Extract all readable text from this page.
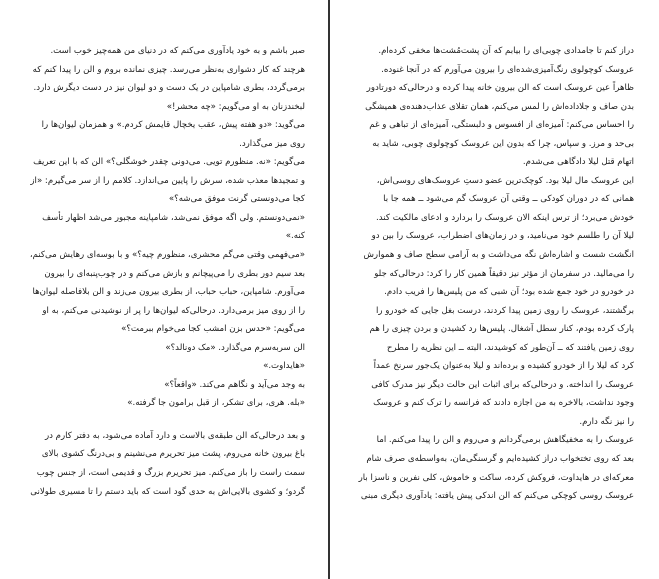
صبر باشم و به خود یادآوری می‌کنم که در دنیای من همه‌چیز خوب است.
هرچند که کار دشواری به‌نظر می‌رسد. چیزی نمانده بروم و الن را پیدا کنم که
برمی‌گردد، بطری شامپاین در یک دست و دو لیوان نیز در دست دیگرش دارد.

لبخندزنان به او می‌گویم: «چه محشر!»

می‌گوید: «دو هفته پیش، عقب یخچال قایمش کردم.» و همزمان لیوان‌ها را
روی میز می‌گذارد.

می‌گویم: «نه. منظورم تویی. می‌دونی چقدر خوشگلی؟» الن که با این تعریف
و تمجیدها معذب شده، سرش را پایین می‌اندازد. کلامم را از سر می‌گیرم: «از
کجا می‌دونستی گرنت موفق می‌شه؟»

«نمی‌دونستم. ولی اگه موفق نمی‌شد، شامپاینه مجبور می‌شد اظهار تأسف
کنه.»

«می‌فهمی وقتی می‌گم محشری، منظورم چیه؟» و با بوسه‌ای رهایش می‌کنم،
بعد سیم دور بطری را می‌پیچانم و بازش می‌کنم و در چوب‌پنبه‌ای را بیرون
می‌آورم. شامپاین، حباب حباب، از بطری بیرون می‌زند و الن بلافاصله لیوان‌ها
را از روی میز برمی‌دارد. درحالی‌که لیوان‌ها را پر از نوشیدنی می‌کنم، به او
می‌گویم: «حدس بزن امشب کجا می‌خوام ببرمت؟»

الن سربه‌سرم می‌گذارد. «مک دونالد؟»

«هایداوت.»

به وجد می‌آید و نگاهم می‌کند. «واقعاً؟»

«بله. هری، برای تشکر، از قبل برامون جا گرفته.»

و بعد درحالی‌که الن طبقه‌ی بالاست و دارد آماده می‌شود، به دفتر کارم در
باغ بیرون خانه می‌روم، پشت میز تحریرم می‌نشینم و بی‌درنگ کشوی بالای
سمت راست را باز می‌کنم. میز تحریرم بزرگ و قدیمی است، از جنس چوب
گردو؛ و کشوی بالایی‌اش به حدی گود است که باید دستم را تا مسیری طولانی

دراز کنم تا جامدادی چوبی‌ای را بیابم که آن پشت‌مُشت‌ها مخفی کرده‌ام.
عروسک کوچولوی رنگ‌آمیزی‌شده‌ای را بیرون می‌آورم که در آنجا غنوده.
ظاهراً عین عروسک است که الن بیرون خانه پیدا کرده و درحالی‌که دورتادور
بدن صاف و جلاداده‌اش را لمس می‌کنم، همان تقلای عذاب‌دهنده‌ی همیشگی
را احساس می‌کنم: آمیزه‌ای از افسوس و دلبستگی، آمیزه‌ای از تباهی و غم
بی‌حد و مرز. و سپاس، چرا که بدون این عروسک کوچولوی چوبی، شاید به
اتهام قتل لیلا دادگاهی می‌شدم.

این عروسک مال لیلا بود. کوچک‌ترین عضو دستِ عروسک‌های روسی‌اش،
همانی که در دوران کودکی ــ وقتی آن عروسک گم می‌شود ــ همه جا با
خودش می‌برد؛ از ترس اینکه الان عروسک را بردارد و ادعای مالکیت کند.
لیلا آن را طلسم خود می‌نامید، و در زمان‌های اضطراب، عروسک را بین دو
انگشت شست و اشاره‌اش نگه می‌داشت و به آرامی سطح صاف و هموارش
را می‌مالید. در سفرمان از مؤثر نیز دقیقاً همین کار را کرد: درحالی‌که جلو
در خودرو در خود جمع شده بود؛ آن شبی که من پلیس‌ها را فریب دادم.
برگشتند، عروسک را روی زمین پیدا کردند، درست بغل جایی که خودرو را
پارک کرده بودم، کنار سطل آشغال. پلیس‌ها رد کشیدن و بردن چیزی را هم
روی زمین یافتند که ــ آن‌طور که کوشیدند، البته ــ این نظریه را مطرح
کرد که لیلا را از خودرو کشیده و برده‌اند و لیلا به‌عنوان یک‌جور سرنخ عمداً
عروسک را انداخته. و درحالی‌که برای اثبات این حالت دیگر نیز مدرک کافی
وجود نداشت، بالاخره به من اجازه دادند که فرانسه را ترک کنم و عروسک
را نیز نگه دارم.

عروسک را به مخفیگاهش برمی‌گردانم و می‌روم و الن را پیدا می‌کنم. اما
بعد که روی تختخواب دراز کشیده‌ایم و گرسنگی‌مان، به‌واسطه‌ی صرف شام
معرکه‌ای در هایداوت، فروکش کرده، ساکت و خاموش، کلی نفرین و ناسزا بار
عروسک روسی کوچکی می‌کنم که الن اندکی پیش یافته: یادآوری دیگری مبنی
